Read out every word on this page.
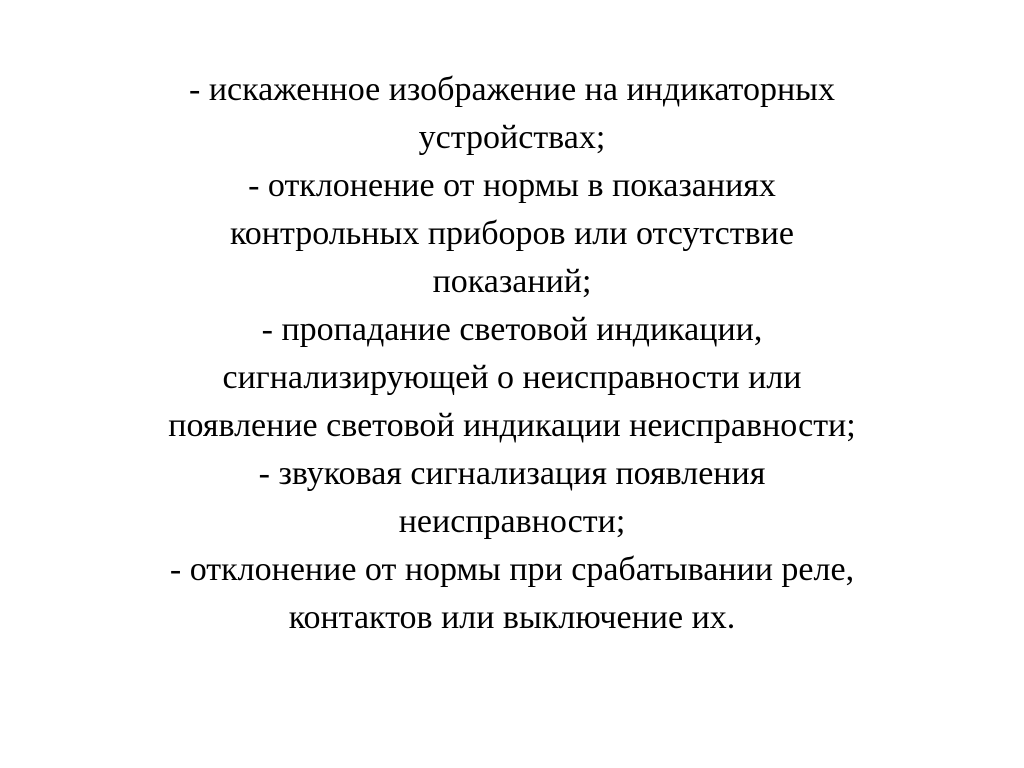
- искаженное изображение на индикаторных
устройствах;
- отклонение от нормы в показаниях
контрольных приборов или отсутствие
показаний;
- пропадание световой индикации,
сигнализирующей о неисправности или
появление световой индикации неисправности;
- звуковая сигнализация появления
неисправности;
- отклонение от нормы при срабатывании реле,
контактов или выключение их.
